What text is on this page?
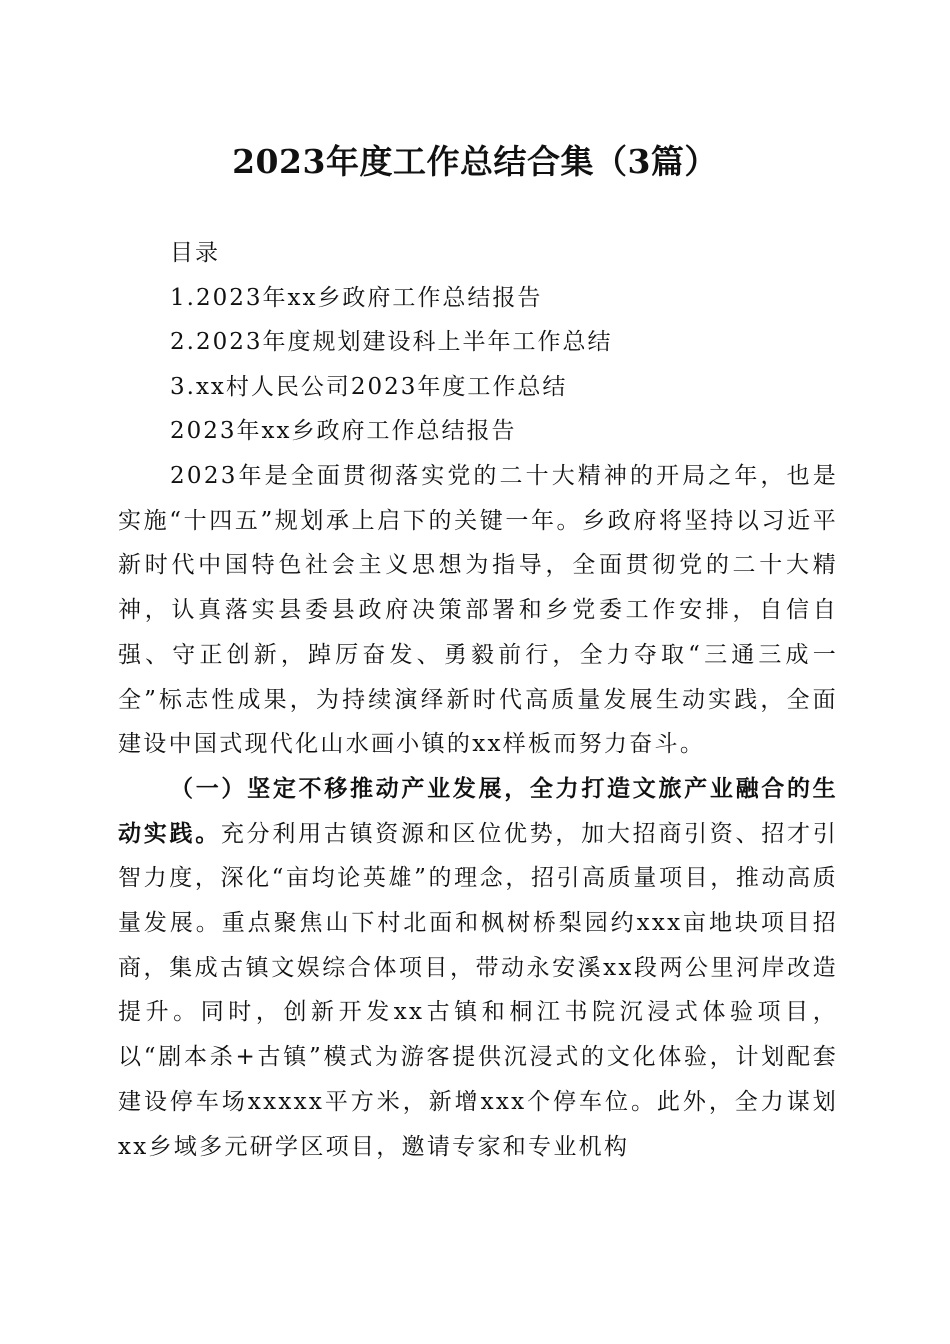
2023年度工作总结合集（3篇）
目录
1.2023年xx乡政府工作总结报告
2.2023年度规划建设科上半年工作总结
3.xx村人民公司2023年度工作总结
2023年xx乡政府工作总结报告

2023年是全面贯彻落实党的二十大精神的开局之年，也是实施“十四五”规划承上启下的关键一年。乡政府将坚持以习近平新时代中国特色社会主义思想为指导，全面贯彻党的二十大精神，认真落实县委县政府决策部署和乡党委工作安排，自信自强、守正创新，踔厉奋发、勇毅前行，全力夺取“三通三成一全”标志性成果，为持续演绎新时代高质量发展生动实践，全面建设中国式现代化山水画小镇的xx样板而努力奋斗。

（一）坚定不移推动产业发展，全力打造文旅产业融合的生动实践。充分利用古镇资源和区位优势，加大招商引资、招才引智力度，深化“亩均论英雄”的理念，招引高质量项目，推动高质量发展。重点聚焦山下村北面和枫树桥梨园约xxx亩地块项目招商，集成古镇文娱综合体项目，带动永安溪xx段两公里河岸改造提升。同时，创新开发xx古镇和桐江书院沉浸式体验项目，以“剧本杀+古镇”模式为游客提供沉浸式的文化体验，计划配套建设停车场xxxxx平方米，新增xxx个停车位。此外，全力谋划xx乡域多元研学区项目，邀请专家和专业机构
